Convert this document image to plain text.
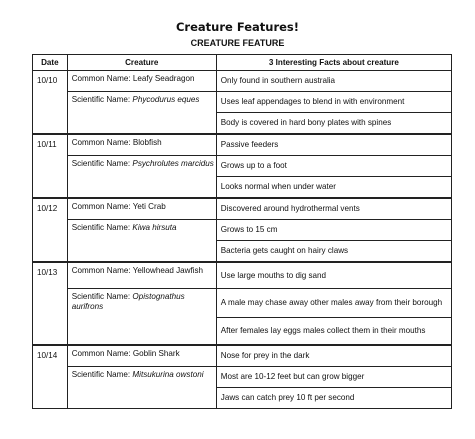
Creature Features!
CREATURE FEATURE
Date	Creature	3 Interesting Facts about creature
10/10	Common Name: Leafy Seadragon	Only found in southern australia
	Scientific Name: Phycodurus eques	Uses leaf appendages to blend in with environment
		Body is covered in hard bony plates with spines
10/11	Common Name: Blobfish	Passive feeders
	Scientific Name: Psychrolutes marcidus	Grows up to a foot
		Looks normal when under water
10/12	Common Name: Yeti Crab	Discovered around hydrothermal vents
	Scientific Name: Kiwa hirsuta	Grows to 15 cm
		Bacteria gets caught on hairy claws
10/13	Common Name: Yellowhead Jawfish	Use large mouths to dig sand
	Scientific Name: Opistognathus aurifrons	A male may chase away other males away from their borough
		After females lay eggs males collect them in their mouths
10/14	Common Name: Goblin Shark	Nose for prey in the dark
	Scientific Name: Mitsukurina owstoni	Most are 10-12 feet but can grow bigger
		Jaws can catch prey 10 ft per second
